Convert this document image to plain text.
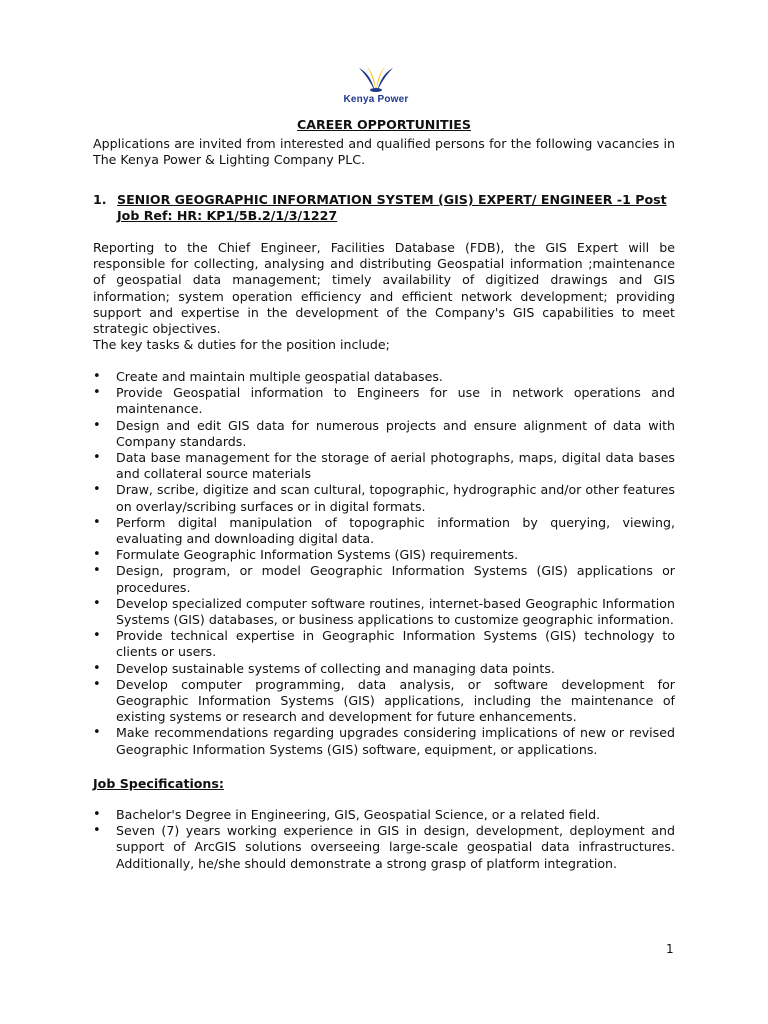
Kenya Power
CAREER OPPORTUNITIES
Applications are invited from interested and qualified persons for the following vacancies in The Kenya Power & Lighting Company PLC.
1. SENIOR GEOGRAPHIC INFORMATION SYSTEM (GIS) EXPERT/ ENGINEER -1 Post
Job Ref: HR: KP1/5B.2/1/3/1227
Reporting to the Chief Engineer, Facilities Database (FDB), the GIS Expert will be responsible for collecting, analysing and distributing Geospatial information ;maintenance of geospatial data management; timely availability of digitized drawings and GIS information; system operation efficiency and efficient network development; providing support and expertise in the development of the Company's GIS capabilities to meet strategic objectives.
The key tasks & duties for the position include;
• Create and maintain multiple geospatial databases.
• Provide Geospatial information to Engineers for use in network operations and maintenance.
• Design and edit GIS data for numerous projects and ensure alignment of data with Company standards.
• Data base management for the storage of aerial photographs, maps, digital data bases and collateral source materials
• Draw, scribe, digitize and scan cultural, topographic, hydrographic and/or other features on overlay/scribing surfaces or in digital formats.
• Perform digital manipulation of topographic information by querying, viewing, evaluating and downloading digital data.
• Formulate Geographic Information Systems (GIS) requirements.
• Design, program, or model Geographic Information Systems (GIS) applications or procedures.
• Develop specialized computer software routines, internet-based Geographic Information Systems (GIS) databases, or business applications to customize geographic information.
• Provide technical expertise in Geographic Information Systems (GIS) technology to clients or users.
• Develop sustainable systems of collecting and managing data points.
• Develop computer programming, data analysis, or software development for Geographic Information Systems (GIS) applications, including the maintenance of existing systems or research and development for future enhancements.
• Make recommendations regarding upgrades considering implications of new or revised Geographic Information Systems (GIS) software, equipment, or applications.
Job Specifications:
• Bachelor's Degree in Engineering, GIS, Geospatial Science, or a related field.
• Seven (7) years working experience in GIS in design, development, deployment and support of ArcGIS solutions overseeing large-scale geospatial data infrastructures. Additionally, he/she should demonstrate a strong grasp of platform integration.
1
